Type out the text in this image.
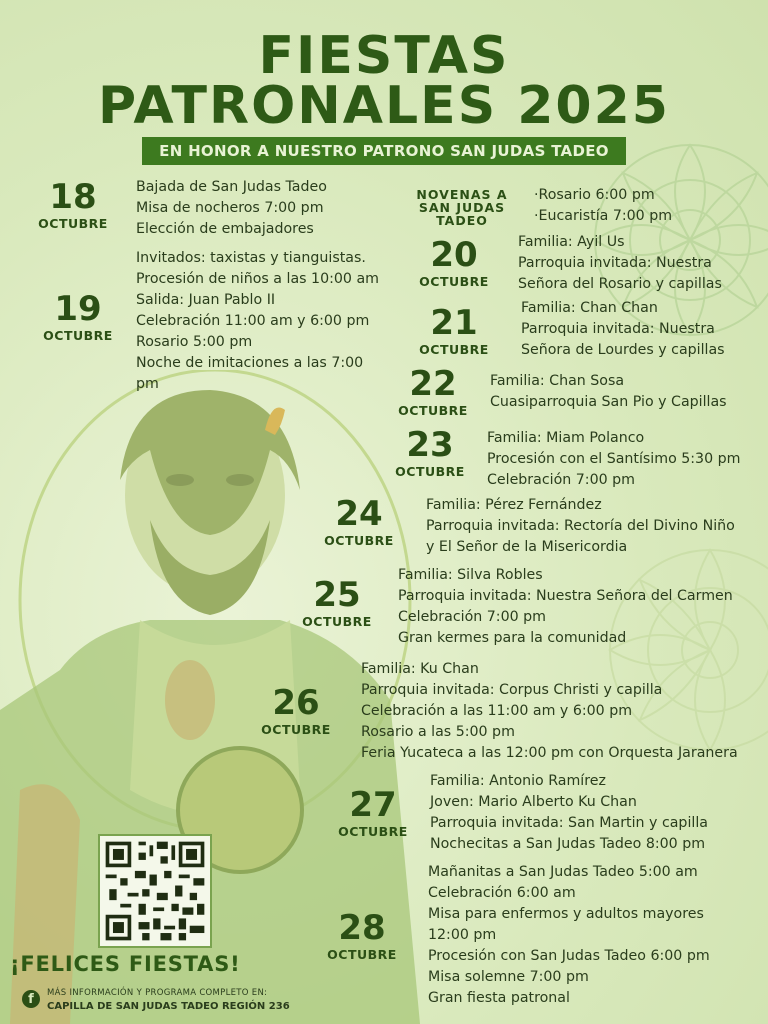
FIESTAS
PATRONALES 2025
EN HONOR A NUESTRO PATRONO SAN JUDAS TADEO
18
OCTUBRE
Bajada de San Judas Tadeo
Misa de nocheros 7:00 pm
Elección de embajadores
19
OCTUBRE
Invitados: taxistas y tianguistas.
Procesión de niños a las 10:00 am
Salida: Juan Pablo II
Celebración 11:00 am y 6:00 pm
Rosario 5:00 pm
Noche de imitaciones a las 7:00
pm
NOVENAS A SAN JUDAS TADEO
·Rosario 6:00 pm
·Eucaristía 7:00 pm
20
OCTUBRE
Familia: Ayil Us
Parroquia invitada: Nuestra
Señora del Rosario y capillas
21
OCTUBRE
Familia: Chan Chan
Parroquia invitada: Nuestra
Señora de Lourdes y capillas
22
OCTUBRE
Familia: Chan Sosa
Cuasiparroquia San Pio y Capillas
23
OCTUBRE
Familia: Miam Polanco
Procesión con el Santísimo 5:30 pm
Celebración 7:00 pm
24
OCTUBRE
Familia: Pérez Fernández
Parroquia invitada: Rectoría del Divino Niño
y El Señor de la Misericordia
25
OCTUBRE
Familia: Silva Robles
Parroquia invitada: Nuestra Señora del Carmen
Celebración 7:00 pm
Gran kermes para la comunidad
26
OCTUBRE
Familia: Ku Chan
Parroquia invitada: Corpus Christi y capilla
Celebración a las 11:00 am y 6:00 pm
Rosario a las 5:00 pm
Feria Yucateca a las 12:00 pm con Orquesta Jaranera
27
OCTUBRE
Familia: Antonio Ramírez
Joven: Mario Alberto Ku Chan
Parroquia invitada: San Martin y capilla
Nochecitas a San Judas Tadeo 8:00 pm
28
OCTUBRE
Mañanitas a San Judas Tadeo 5:00 am
Celebración 6:00 am
Misa para enfermos y adultos mayores
12:00 pm
Procesión con San Judas Tadeo 6:00 pm
Misa solemne 7:00 pm
Gran fiesta patronal
¡FELICES FIESTAS!
f	MÁS INFORMACIÓN Y PROGRAMA COMPLETO EN:
CAPILLA DE SAN JUDAS TADEO REGIÓN 236
